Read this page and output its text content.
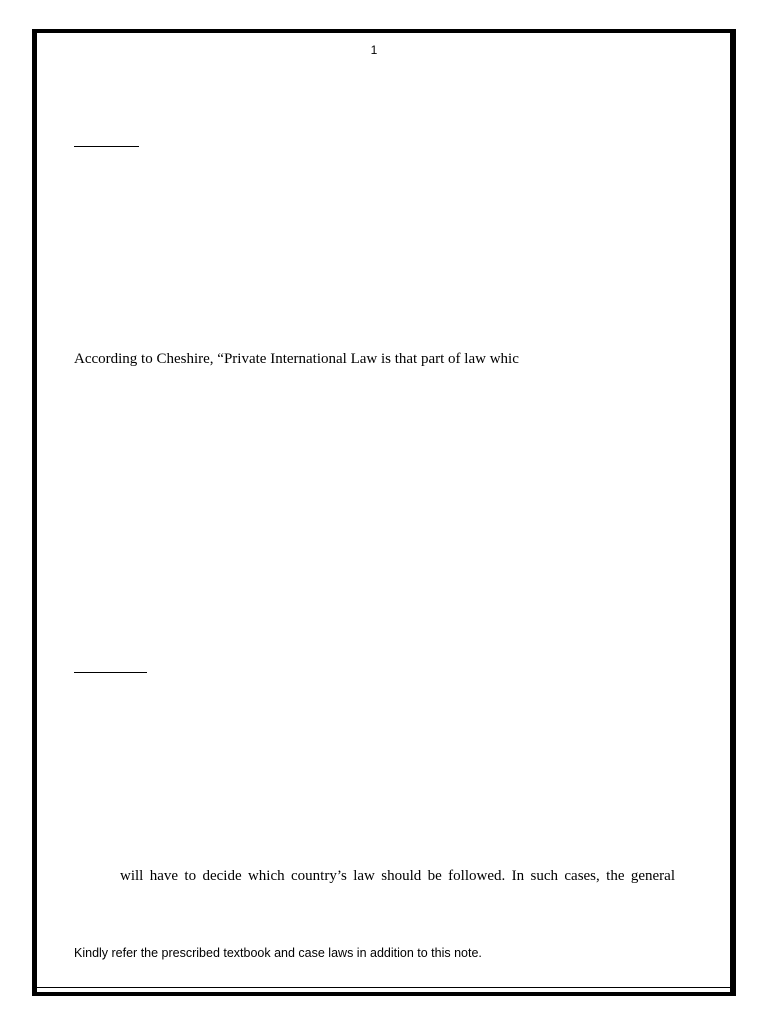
1
According to Cheshire, “Private International Law is that part of law whic
will have to decide which country’s law should be followed. In such cases, the general
Kindly refer the prescribed textbook and case laws in addition to this note.
